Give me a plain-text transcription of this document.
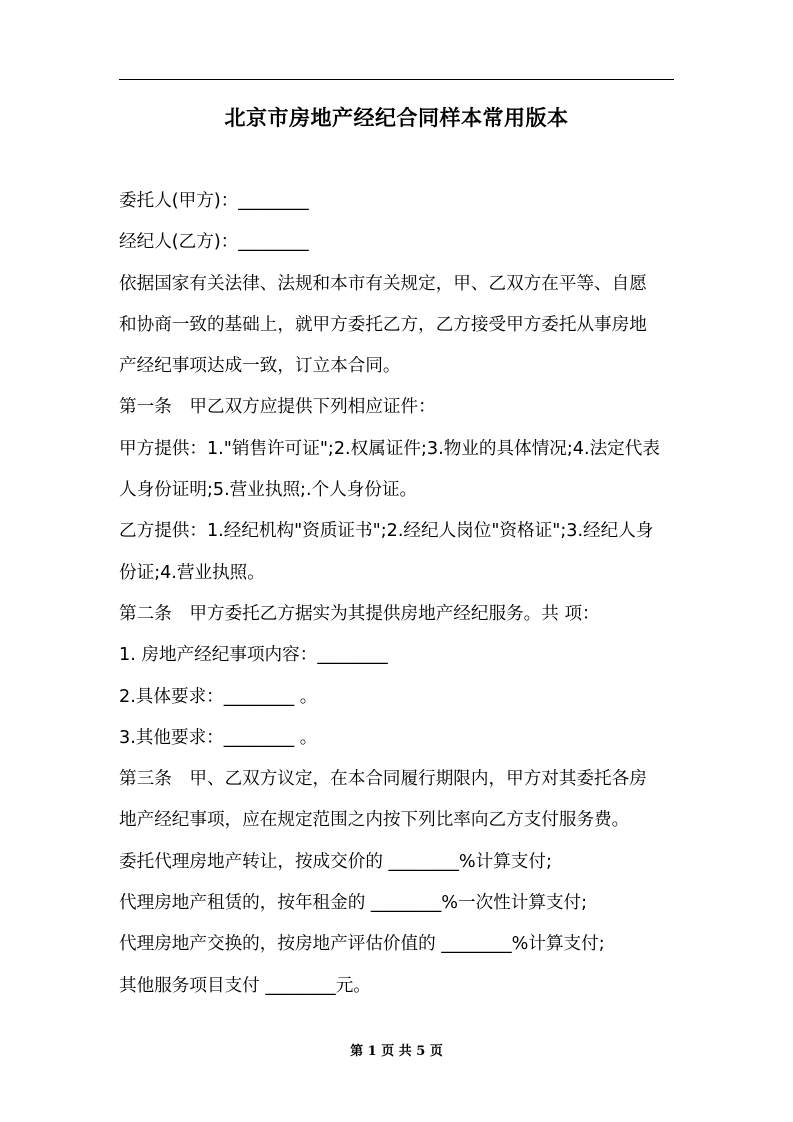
北京市房地产经纪合同样本常用版本
委托人(甲方)：________
经纪人(乙方)：________
依据国家有关法律、法规和本市有关规定，甲、乙双方在平等、自愿
和协商一致的基础上，就甲方委托乙方，乙方接受甲方委托从事房地
产经纪事项达成一致，订立本合同。
第一条　甲乙双方应提供下列相应证件：
甲方提供：1."销售许可证";2.权属证件;3.物业的具体情况;4.法定代表
人身份证明;5.营业执照;.个人身份证。
乙方提供：1.经纪机构"资质证书";2.经纪人岗位"资格证";3.经纪人身
份证;4.营业执照。
第二条　甲方委托乙方据实为其提供房地产经纪服务。共 项：
1. 房地产经纪事项内容：________
2.具体要求：________ 。
3.其他要求：________ 。
第三条　甲、乙双方议定，在本合同履行期限内，甲方对其委托各房
地产经纪事项，应在规定范围之内按下列比率向乙方支付服务费。
委托代理房地产转让，按成交价的 ________%计算支付;
代理房地产租赁的，按年租金的 ________%一次性计算支付;
代理房地产交换的，按房地产评估价值的 ________%计算支付;
其他服务项目支付 ________元。
第 1 页 共 5 页
